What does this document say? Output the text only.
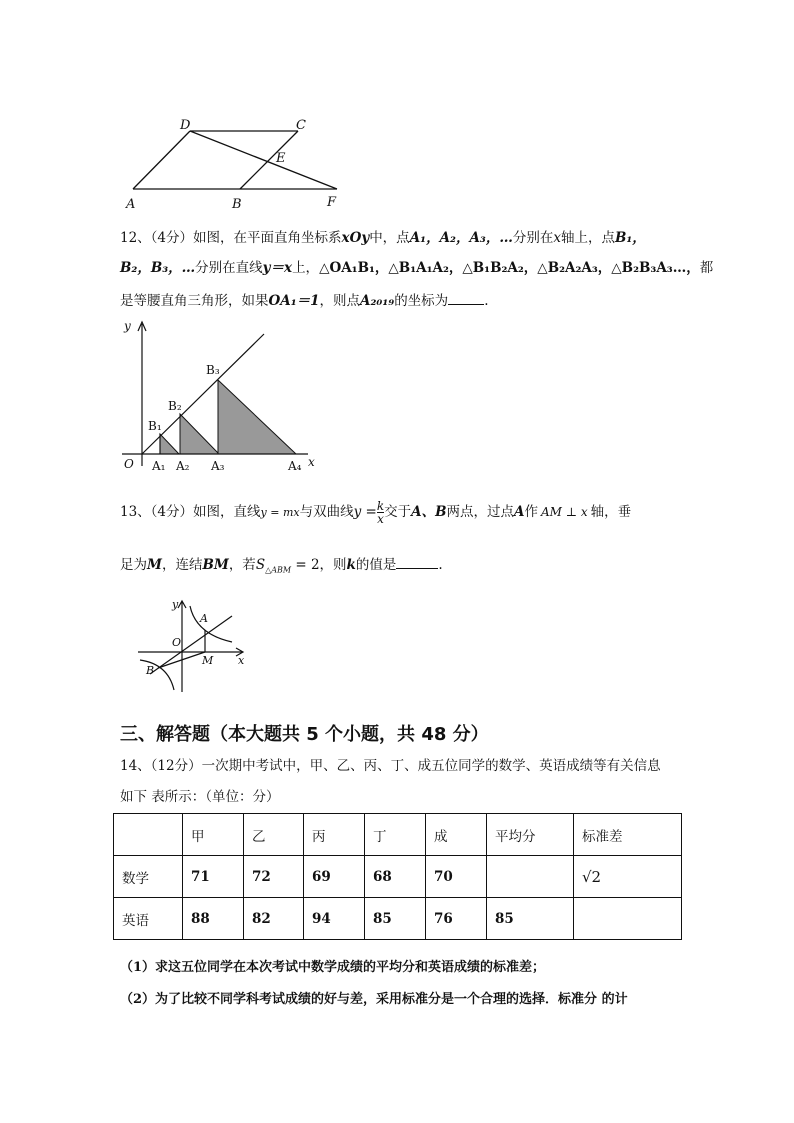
A	B
C
D
E
F
12、（4分）如图，在平面直角坐标系xOy中，点A₁，A₂，A₃，…分别在x轴上，点B₁，
B₂，B₃，…分别在直线y＝x上，△OA₁B₁，△B₁A₁A₂，△B₁B₂A₂，△B₂A₂A₃，△B₂B₃A₃…，都
是等腰直角三角形，如果OA₁＝1，则点A₂₀₁₉的坐标为	.
y
x
O A₁ A₂ A₃	A₄
B₁
B₂
B₃
13、（4分）如图，直线y = mx与双曲线$y = \frac{k}{x}$ 交于A、B两点，过点A作 AM ⊥ x 轴，垂
足为M，连结BM，若$S_{\triangle ABM} = 2$，则k的值是	.
y
x
O
A
B
M
三、解答题（本大题共 5 个小题，共 48 分）
14、（12分）一次期中考试中，甲、乙、丙、丁、成五位同学的数学、英语成绩等有关信息
如下 表所示：（单位：分）
	甲	乙	丙	丁	成	平均分	标准差
数学	71	72	69	68	70		√2
英语	88	82	94	85	76	85	
（1）求这五位同学在本次考试中数学成绩的平均分和英语成绩的标准差；
（2）为了比较不同学科考试成绩的好与差，采用标准分是一个合理的选择．标准分 的计
